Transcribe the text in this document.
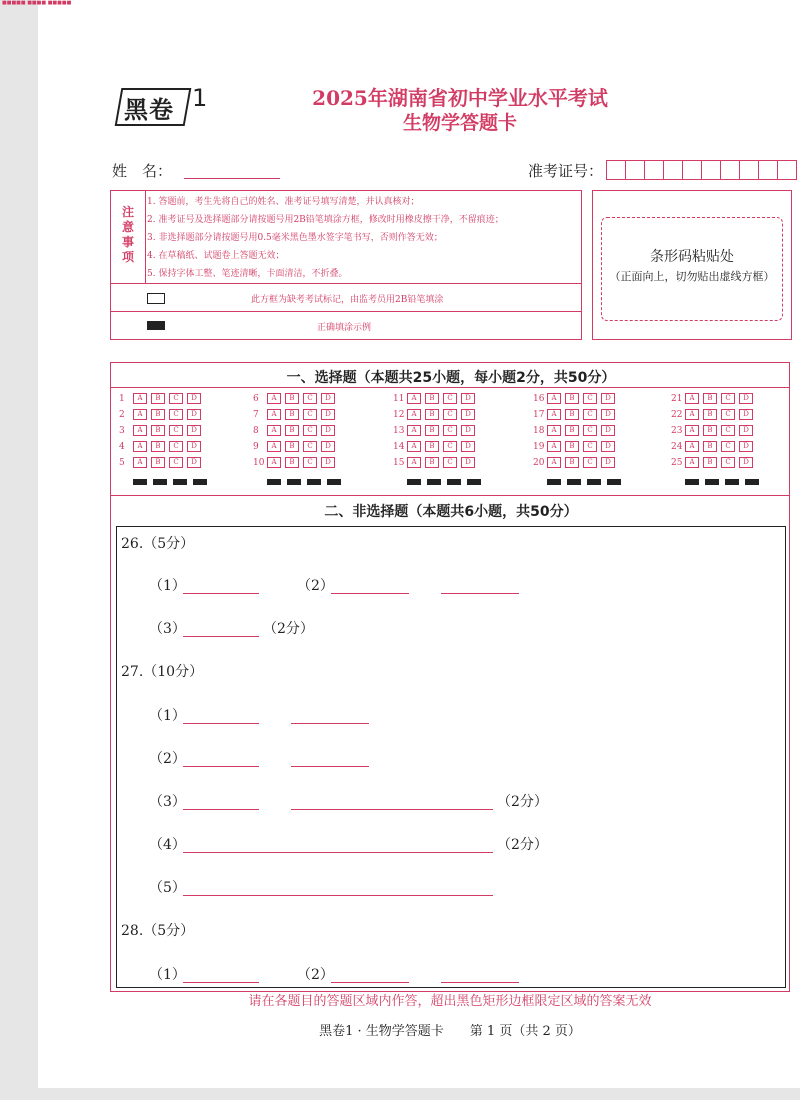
■■■■■ ■■■■ ■■■■■
黑卷 1	2025年湖南省初中学业水平考试
生物学答题卡
姓　名：	准考证号：
注
意
事
项
1. 答题前，考生先将自己的姓名、准考证号填写清楚，并认真核对；
2. 准考证号及选择题部分请按题号用2B铅笔填涂方框，修改时用橡皮擦干净，不留痕迹；
3. 非选择题部分请按题号用0.5毫米黑色墨水签字笔书写，否则作答无效；
4. 在草稿纸、试题卷上答题无效；
5. 保持字体工整、笔迹清晰，卡面清洁，不折叠。
此方框为缺考考试标记，由监考员用2B铅笔填涂
正确填涂示例
条形码粘贴处
（正面向上，切勿贴出虚线方框）
一、选择题（本题共25小题，每小题2分，共50分）
1 A B C D
2 A B C D
3 A B C D
4 A B C D
5 A B C D
6 A B C D
7 A B C D
8 A B C D
9 A B C D
10 A B C D
11 A B C D
12 A B C D
13 A B C D
14 A B C D
15 A B C D
16 A B C D
17 A B C D
18 A B C D
19 A B C D
20 A B C D
21 A B C D
22 A B C D
23 A B C D
24 A B C D
25 A B C D
二、非选择题（本题共6小题，共50分）
26.（5分）
（1）	（2）
（3）	（2分）
27.（10分）
（1）
（2）
（3）	（2分）
（4）	（2分）
（5）
28.（5分）
（1）	（2）
请在各题目的答题区域内作答，超出黑色矩形边框限定区域的答案无效
黑卷1 · 生物学答题卡　　第 1 页（共 2 页）
